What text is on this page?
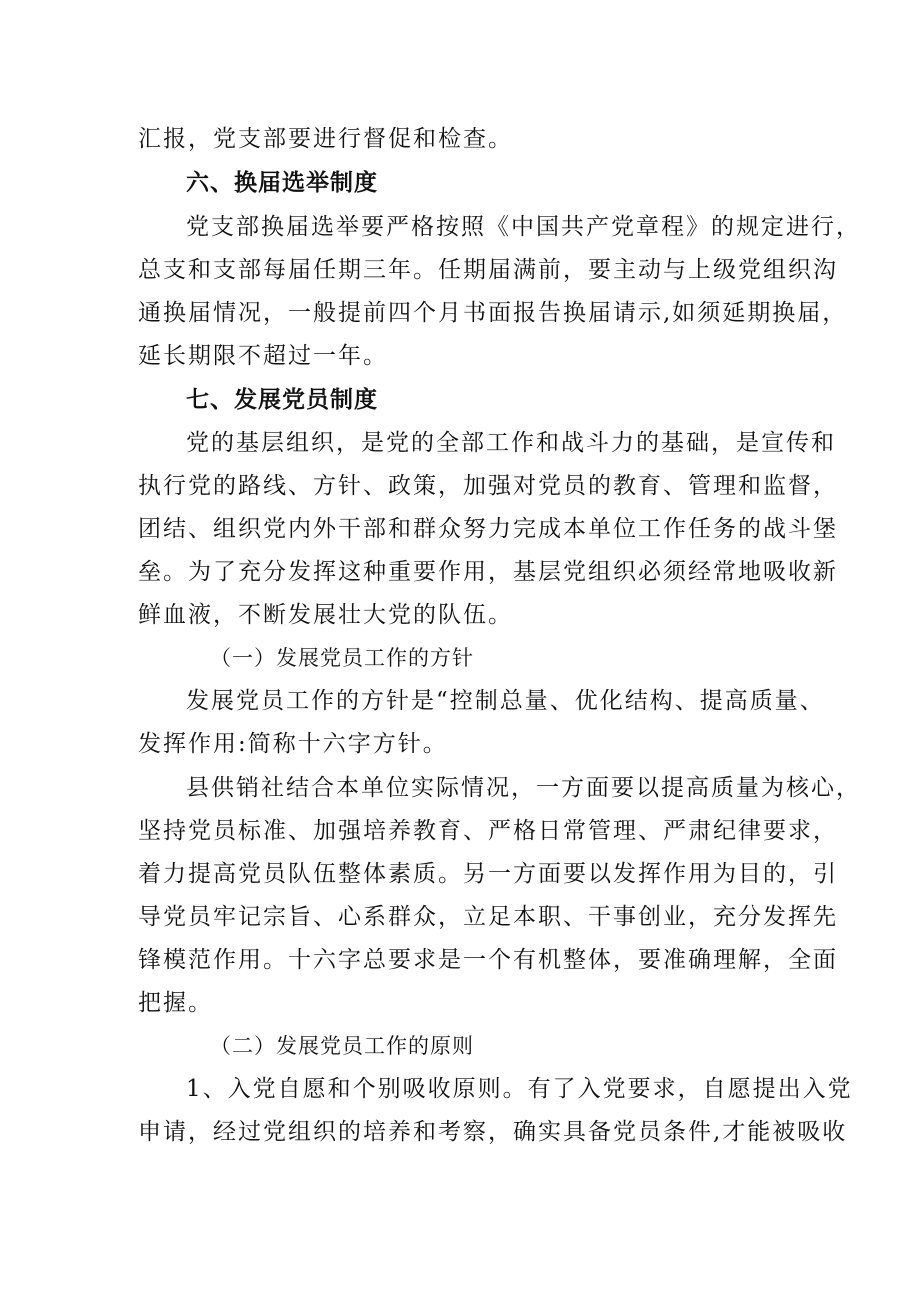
汇报，党支部要进行督促和检查。
六、换届选举制度
党支部换届选举要严格按照《中国共产党章程》的规定进行，
总支和支部每届任期三年。任期届满前，要主动与上级党组织沟
通换届情况，一般提前四个月书面报告换届请示,如须延期换届，
延长期限不超过一年。
七、发展党员制度
党的基层组织，是党的全部工作和战斗力的基础，是宣传和
执行党的路线、方针、政策，加强对党员的教育、管理和监督，
团结、组织党内外干部和群众努力完成本单位工作任务的战斗堡
垒。为了充分发挥这种重要作用，基层党组织必须经常地吸收新
鲜血液，不断发展壮大党的队伍。
（一）发展党员工作的方针
发展党员工作的方针是“控制总量、优化结构、提高质量、
发挥作用:简称十六字方针。
县供销社结合本单位实际情况，一方面要以提高质量为核心，
坚持党员标准、加强培养教育、严格日常管理、严肃纪律要求，
着力提高党员队伍整体素质。另一方面要以发挥作用为目的，引
导党员牢记宗旨、心系群众，立足本职、干事创业，充分发挥先
锋模范作用。十六字总要求是一个有机整体，要准确理解，全面
把握。
（二）发展党员工作的原则
1、入党自愿和个别吸收原则。有了入党要求，自愿提出入党
申请，经过党组织的培养和考察，确实具备党员条件,才能被吸收
